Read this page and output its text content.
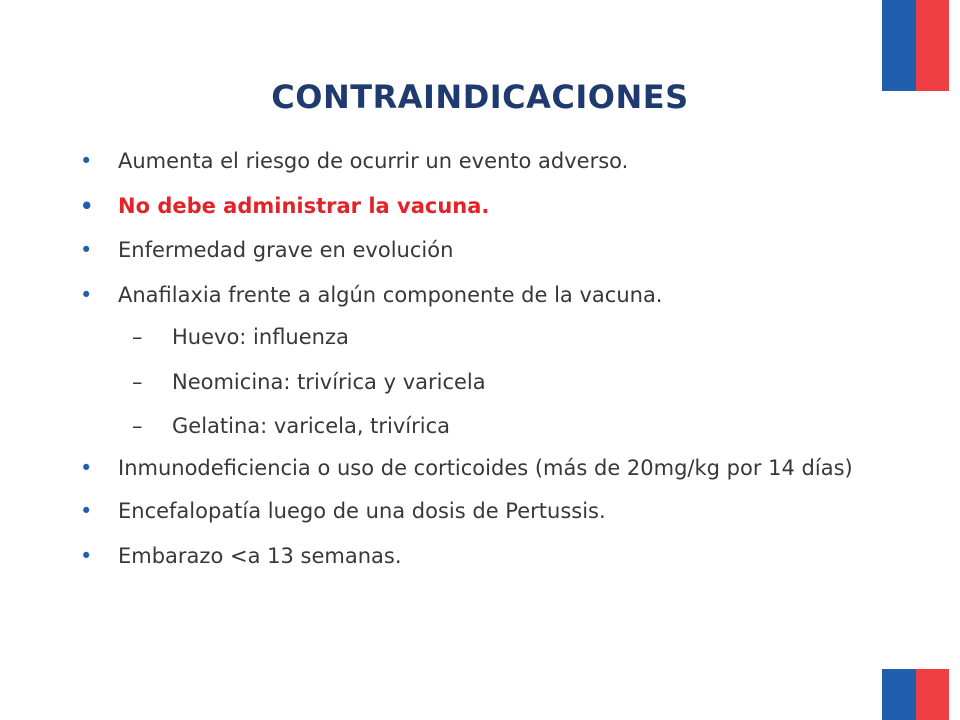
CONTRAINDICACIONES
• Aumenta el riesgo de ocurrir un evento adverso.
• No debe administrar la vacuna.
• Enfermedad grave en evolución
• Anafilaxia frente a algún componente de la vacuna.
– Huevo: influenza
– Neomicina: trivírica y varicela
– Gelatina: varicela, trivírica
• Inmunodeficiencia o uso de corticoides (más de 20mg/kg por 14 días)
• Encefalopatía luego de una dosis de Pertussis.
• Embarazo <a 13 semanas.
